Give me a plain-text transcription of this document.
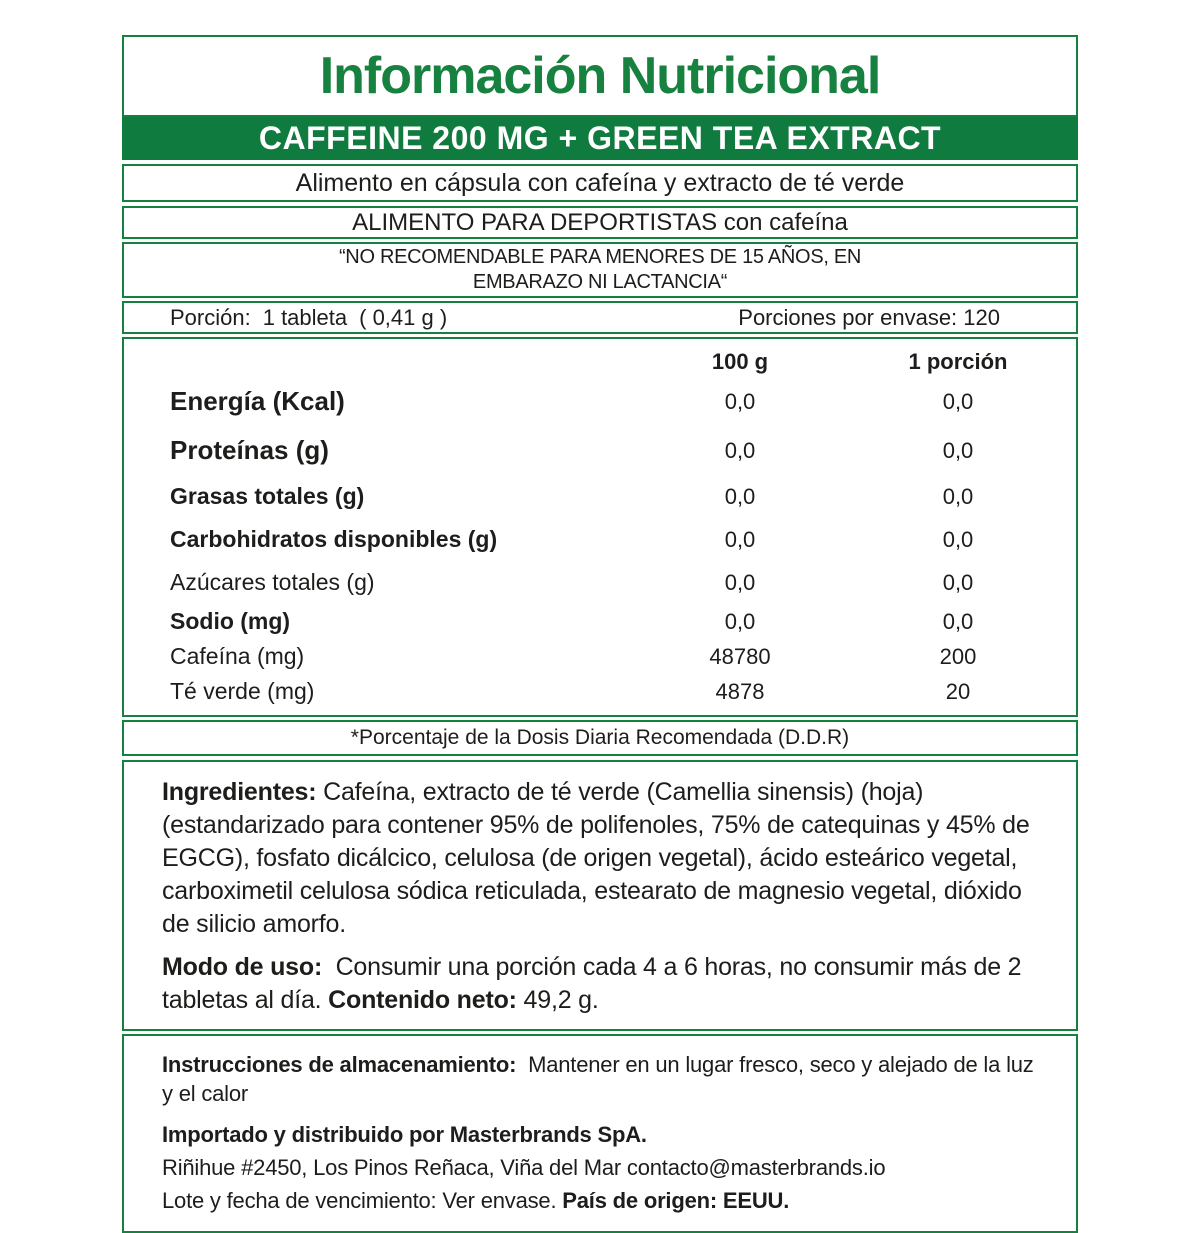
Información Nutricional
CAFFEINE 200 MG + GREEN TEA EXTRACT
Alimento en cápsula con cafeína y extracto de té verde
ALIMENTO PARA DEPORTISTAS con cafeína
“NO RECOMENDABLE PARA MENORES DE 15 AÑOS, EN
EMBARAZO NI LACTANCIA“
Porción: 1 tableta ( 0,41 g )	Porciones por envase: 120
100 g	1 porción
Energía (Kcal)	0,0	0,0
Proteínas (g)	0,0	0,0
Grasas totales (g)	0,0	0,0
Carbohidratos disponibles (g)	0,0	0,0
Azúcares totales (g)	0,0	0,0
Sodio (mg)	0,0	0,0
Cafeína (mg)	48780	200
Té verde (mg)	4878	20
*Porcentaje de la Dosis Diaria Recomendada (D.D.R)

Ingredientes: Cafeína, extracto de té verde (Camellia sinensis) (hoja) (estandarizado para contener 95% de polifenoles, 75% de catequinas y 45% de EGCG), fosfato dicálcico, celulosa (de origen vegetal), ácido esteárico vegetal, carboximetil celulosa sódica reticulada, estearato de magnesio vegetal, dióxido de silicio amorfo.

Modo de uso:  Consumir una porción cada 4 a 6 horas, no consumir más de 2 tabletas al día. Contenido neto: 49,2 g.

Instrucciones de almacenamiento:  Mantener en un lugar fresco, seco y alejado de la luz y el calor

Importado y distribuido por Masterbrands SpA.

Riñihue #2450, Los Pinos Reñaca, Viña del Mar contacto@masterbrands.io

Lote y fecha de vencimiento: Ver envase. País de origen: EEUU.
